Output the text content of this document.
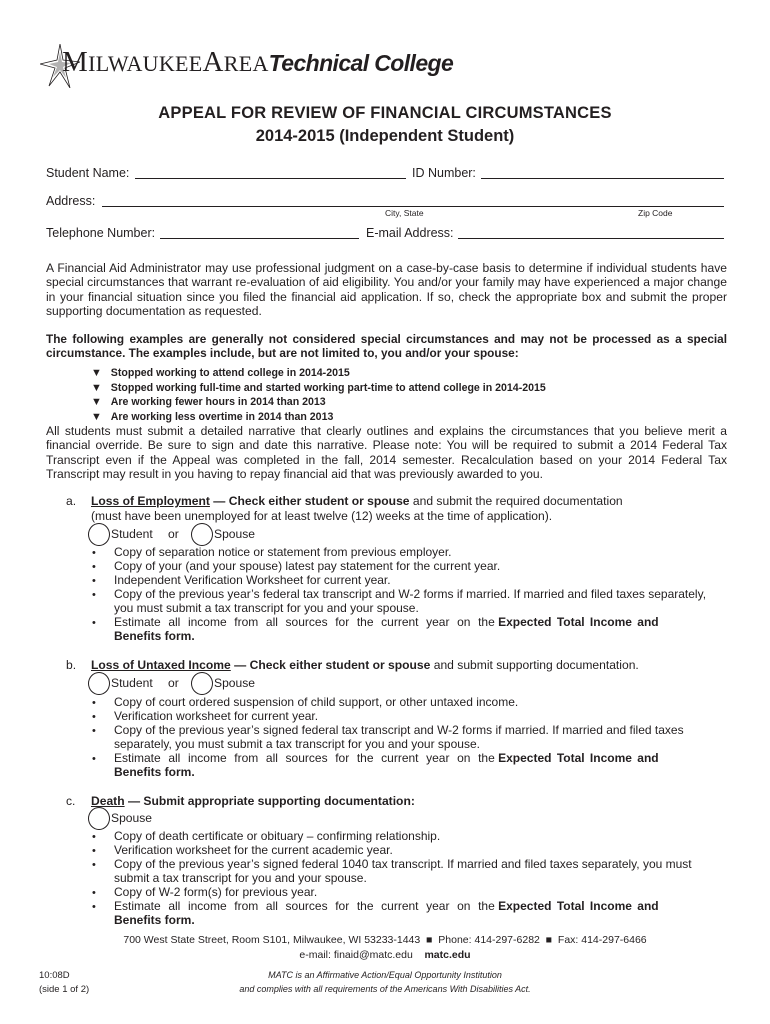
MILWAUKEEAREATechnical College
APPEAL FOR REVIEW OF FINANCIAL CIRCUMSTANCES
2014-2015 (Independent Student)
Student Name:	ID Number:
Address:
City, State	Zip Code
Telephone Number:	E-mail Address:
A Financial Aid Administrator may use professional judgment on a case-by-case basis to determine if individual students have special circumstances that warrant re-evaluation of aid eligibility. You and/or your family may have experienced a major change in your financial situation since you filed the financial aid application. If so, check the appropriate box and submit the proper supporting documentation as requested.
The following examples are generally not considered special circumstances and may not be processed as a special circumstance. The examples include, but are not limited to, you and/or your spouse:
▼ Stopped working to attend college in 2014-2015
▼ Stopped working full-time and started working part-time to attend college in 2014-2015
▼ Are working fewer hours in 2014 than 2013
▼ Are working less overtime in 2014 than 2013
All students must submit a detailed narrative that clearly outlines and explains the circumstances that you believe merit a financial override. Be sure to sign and date this narrative. Please note: You will be required to submit a 2014 Federal Tax Transcript even if the Appeal was completed in the fall, 2014 semester. Recalculation based on your 2014 Federal Tax Transcript may result in you having to repay financial aid that was previously awarded to you.
a. Loss of Employment — Check either student or spouse and submit the required documentation
(must have been unemployed for at least twelve (12) weeks at the time of application).
Student or	Spouse
• Copy of separation notice or statement from previous employer.
• Copy of your (and your spouse) latest pay statement for the current year.
• Independent Verification Worksheet for current year.
• Copy of the previous year’s federal tax transcript and W-2 forms if married. If married and filed taxes separately,
you must submit a tax transcript for you and your spouse.
• Estimate all income from all sources for the current year on the Expected Total Income and
Benefits form.
b. Loss of Untaxed Income — Check either student or spouse and submit supporting documentation.
Student or	Spouse
• Copy of court ordered suspension of child support, or other untaxed income.
• Verification worksheet for current year.
• Copy of the previous year’s signed federal tax transcript and W-2 forms if married. If married and filed taxes
separately, you must submit a tax transcript for you and your spouse.
• Estimate all income from all sources for the current year on the Expected Total Income and
Benefits form.
c. Death — Submit appropriate supporting documentation:
Spouse
• Copy of death certificate or obituary – confirming relationship.
• Verification worksheet for the current academic year.
• Copy of the previous year’s signed federal 1040 tax transcript. If married and filed taxes separately, you must
submit a tax transcript for you and your spouse.
• Copy of W-2 form(s) for previous year.
• Estimate all income from all sources for the current year on the Expected Total Income and
Benefits form.
700 West State Street, Room S101, Milwaukee, WI 53233-1443 ■ Phone: 414-297-6282 ■ Fax: 414-297-6466
e-mail: finaid@matc.edu matc.edu
10:08D
(side 1 of 2)
MATC is an Affirmative Action/Equal Opportunity Institution
and complies with all requirements of the Americans With Disabilities Act.
